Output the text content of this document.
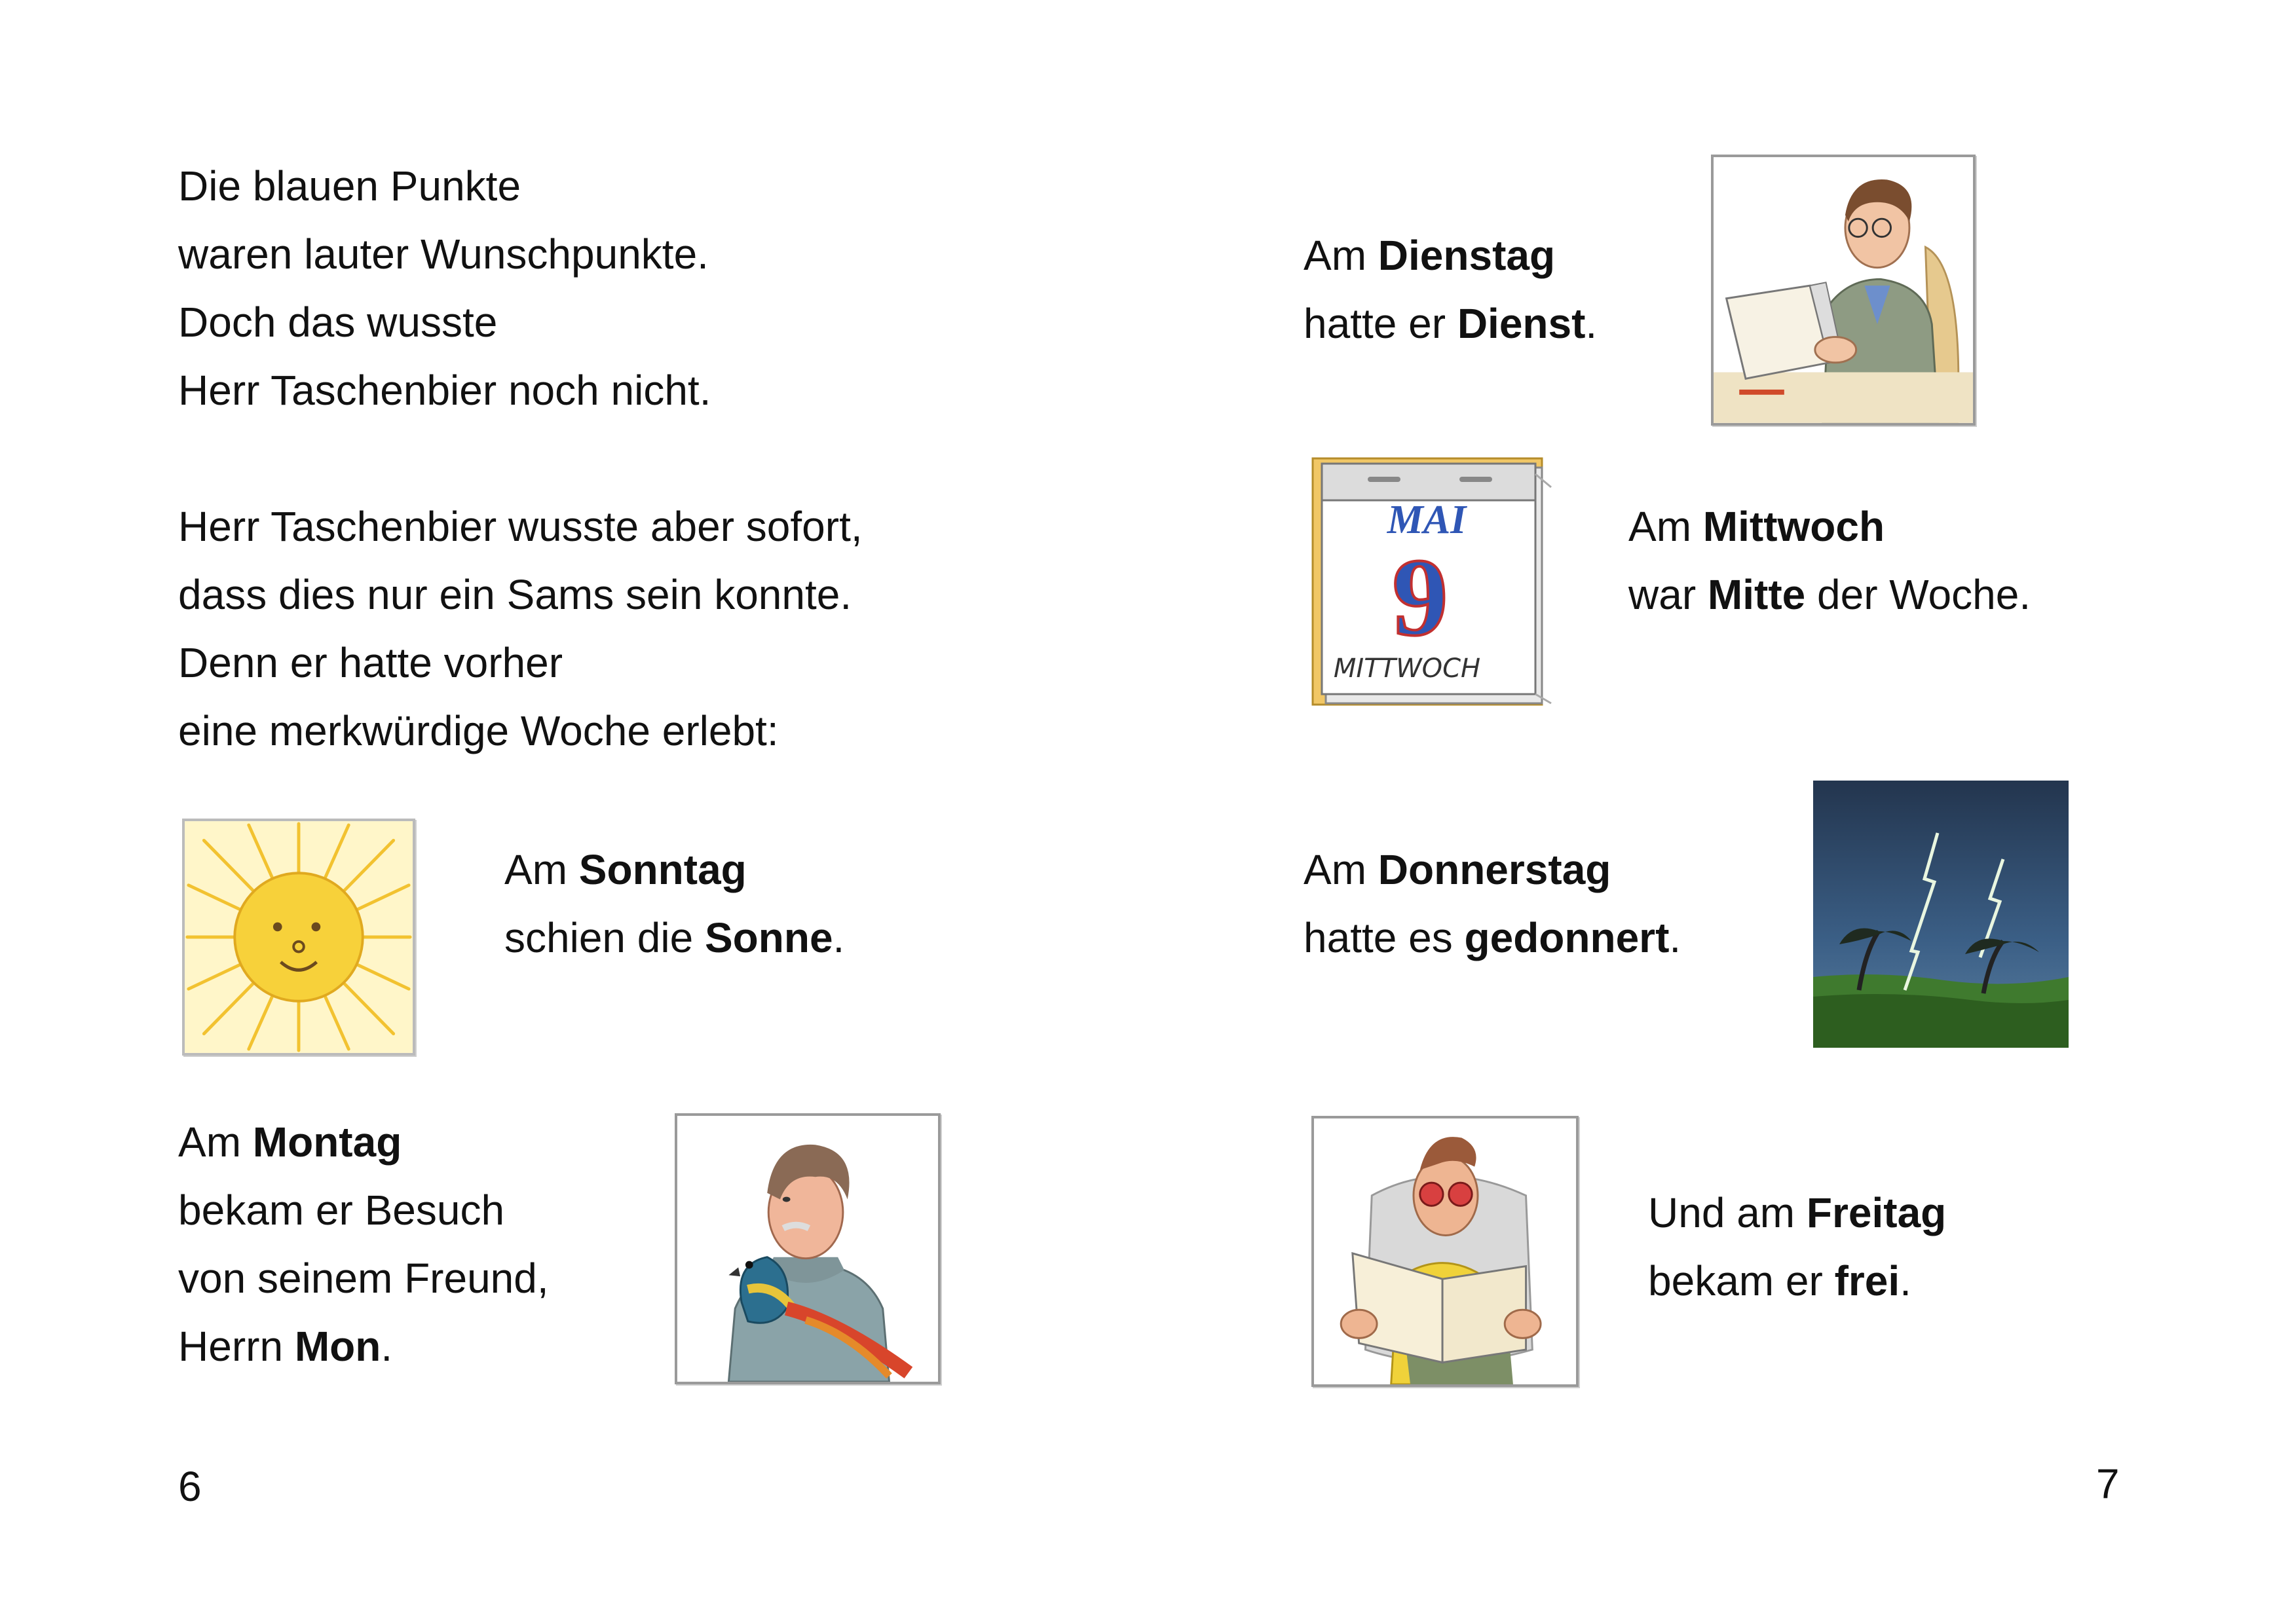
Die blauen Punkte
waren lauter Wunschpunkte.
Doch das wusste
Herr Taschenbier noch nicht.
Herr Taschenbier wusste aber sofort,
dass dies nur ein Sams sein konnte.
Denn er hatte vorher
eine merkwürdige Woche erlebt:
Am Sonntag
schien die Sonne.
Am Montag
bekam er Besuch
von seinem Freund,
Herrn Mon.
6
Am Dienstag
hatte er Dienst.
MAI
9
MITTWOCH
Am Mittwoch
war Mitte der Woche.
Am Donnerstag
hatte es gedonnert.
Und am Freitag
bekam er frei.
7
